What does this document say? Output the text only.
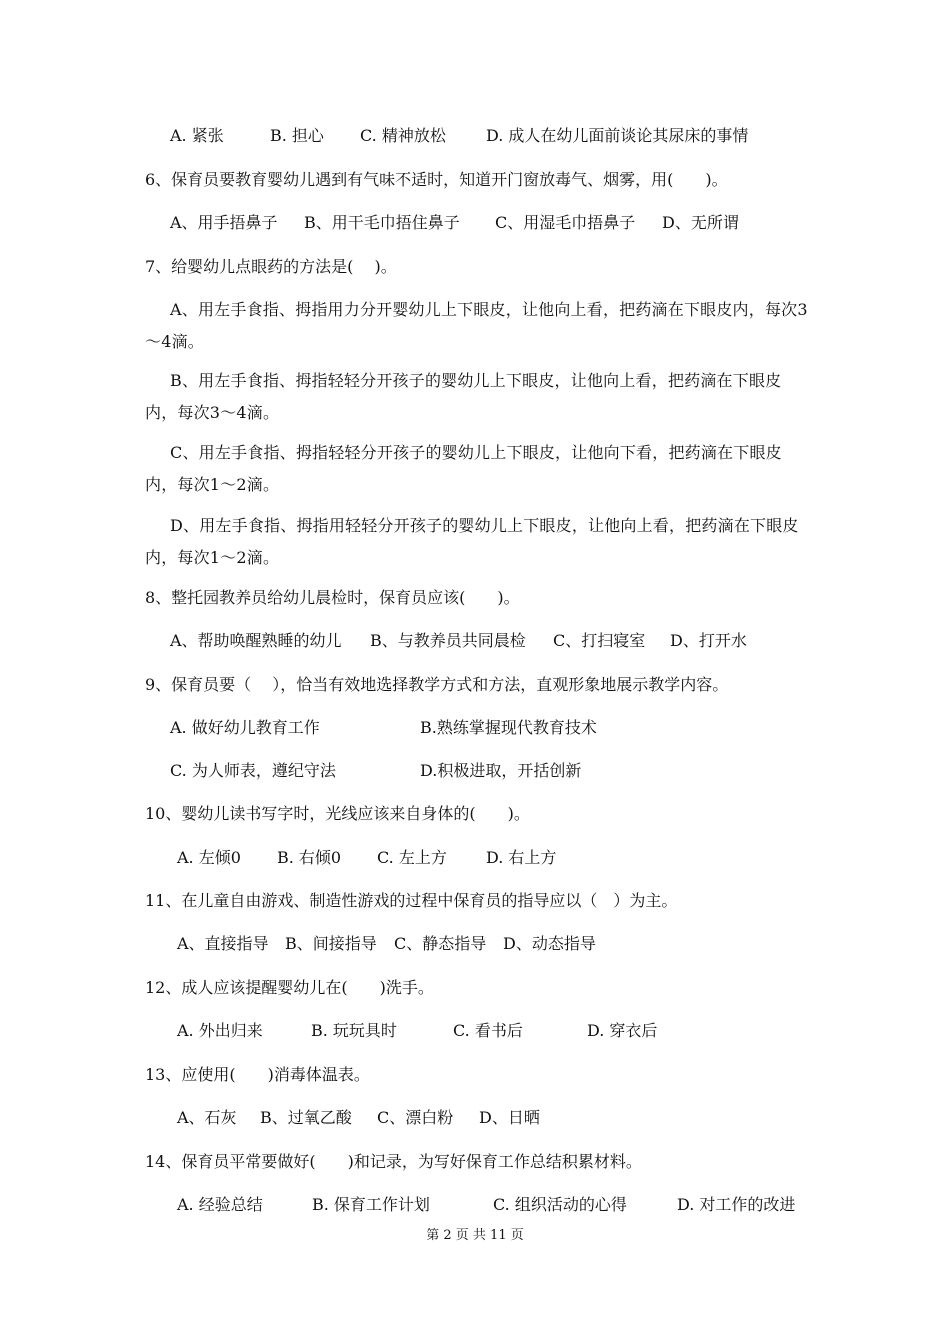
A. 紧张	B. 担心 C. 精神放松	D. 成人在幼儿面前谈论其尿床的事情
6、保育员要教育婴幼儿遇到有气味不适时，知道开门窗放毒气、烟雾，用(　　)。
A、用手捂鼻子 B、用干毛巾捂住鼻子 C、用湿毛巾捂鼻子 D、无所谓
7、给婴幼儿点眼药的方法是(　 )。
A、用左手食指、拇指用力分开婴幼儿上下眼皮，让他向上看，把药滴在下眼皮内，每次3～4滴。
B、用左手食指、拇指轻轻分开孩子的婴幼儿上下眼皮，让他向上看，把药滴在下眼皮内，每次3～4滴。
C、用左手食指、拇指轻轻分开孩子的婴幼儿上下眼皮，让他向下看，把药滴在下眼皮内，每次1～2滴。
D、用左手食指、拇指用轻轻分开孩子的婴幼儿上下眼皮，让他向上看，把药滴在下眼皮内，每次1～2滴。
8、整托园教养员给幼儿晨检时，保育员应该(　　)。
A、帮助唤醒熟睡的幼儿 B、与教养员共同晨检 C、打扫寝室 D、打开水
9、保育员要（　 ），恰当有效地选择教学方式和方法，直观形象地展示教学内容。
A. 做好幼儿教育工作	B.熟练掌握现代教育技术
C. 为人师表，遵纪守法	D.积极进取，开括创新
10、婴幼儿读书写字时，光线应该来自身体的(　　)。
A. 左倾0 B. 右倾0 C. 左上方 D. 右上方
11、在儿童自由游戏、制造性游戏的过程中保育员的指导应以（　）为主。
A、直接指导 B、间接指导 C、静态指导 D、动态指导
12、成人应该提醒婴幼儿在(　　)洗手。
A. 外出归来	B. 玩玩具时	C. 看书后	D. 穿衣后
13、应使用(　　)消毒体温表。
A、石灰 B、过氧乙酸 C、漂白粉 D、日晒
14、保育员平常要做好(　　)和记录，为写好保育工作总结积累材料。
A. 经验总结	B. 保育工作计划	C. 组织活动的心得	D. 对工作的改进
第 2 页 共 11 页
